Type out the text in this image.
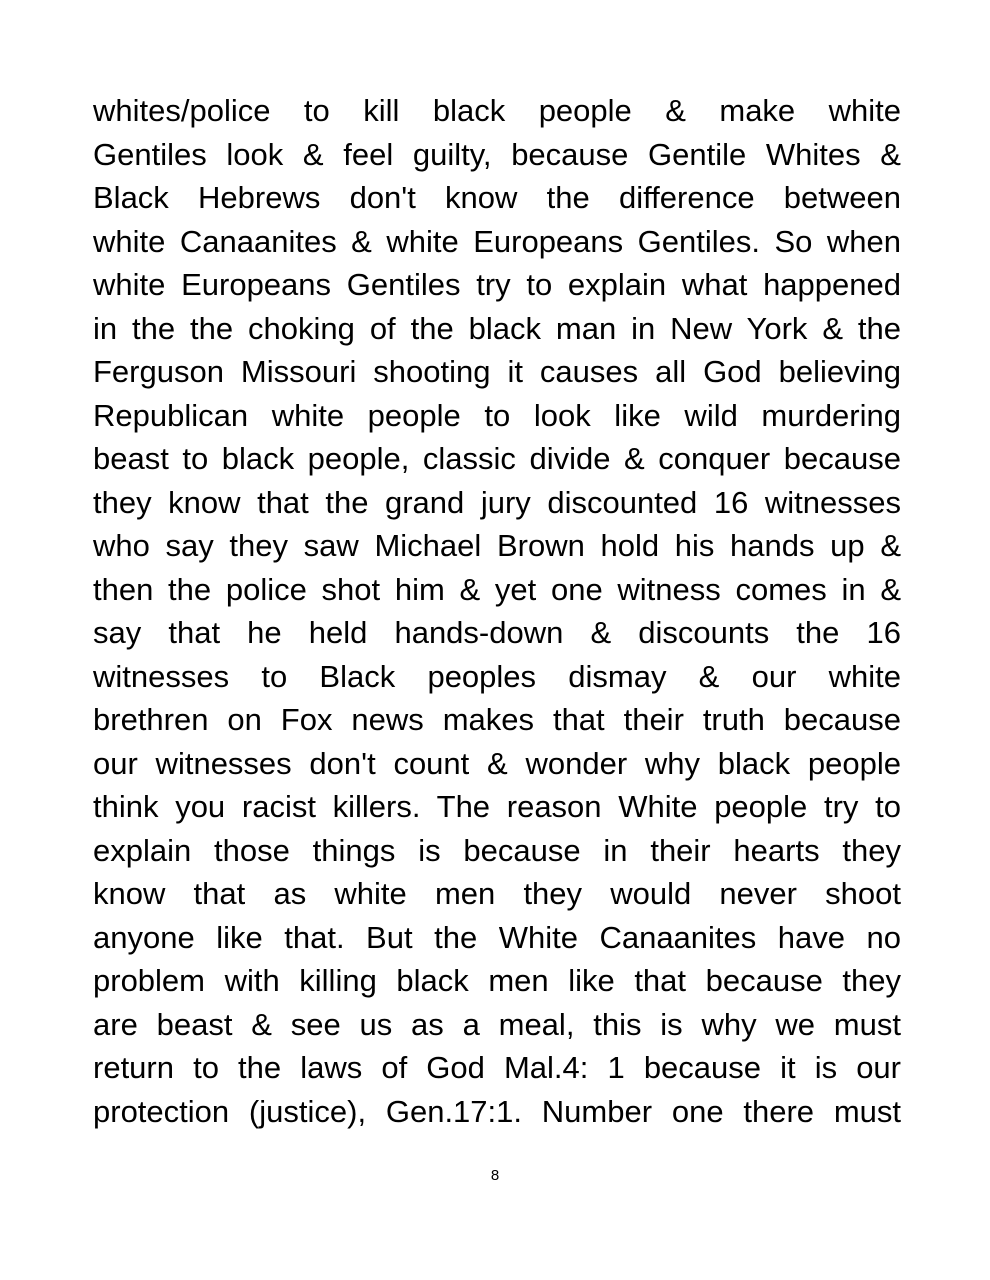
whites/police to kill black people & make white
Gentiles look & feel guilty, because Gentile Whites &
Black Hebrews don't know the difference between
white Canaanites & white Europeans Gentiles. So when
white Europeans Gentiles try to explain what happened
in the the choking of the black man in New York & the
Ferguson Missouri shooting it causes all God believing
Republican white people to look like wild murdering
beast to black people, classic divide & conquer because
they know that the grand jury discounted 16 witnesses
who say they saw Michael Brown hold his hands up &
then the police shot him & yet one witness comes in &
say that he held hands-down & discounts the 16
witnesses to Black peoples dismay & our white
brethren on Fox news makes that their truth because
our witnesses don't count & wonder why black people
think you racist killers. The reason White people try to
explain those things is because in their hearts they
know that as white men they would never shoot
anyone like that. But the White Canaanites have no
problem with killing black men like that because they
are beast & see us as a meal, this is why we must
return to the laws of God Mal.4: 1 because it is our
protection (justice), Gen.17:1. Number one there must
8
